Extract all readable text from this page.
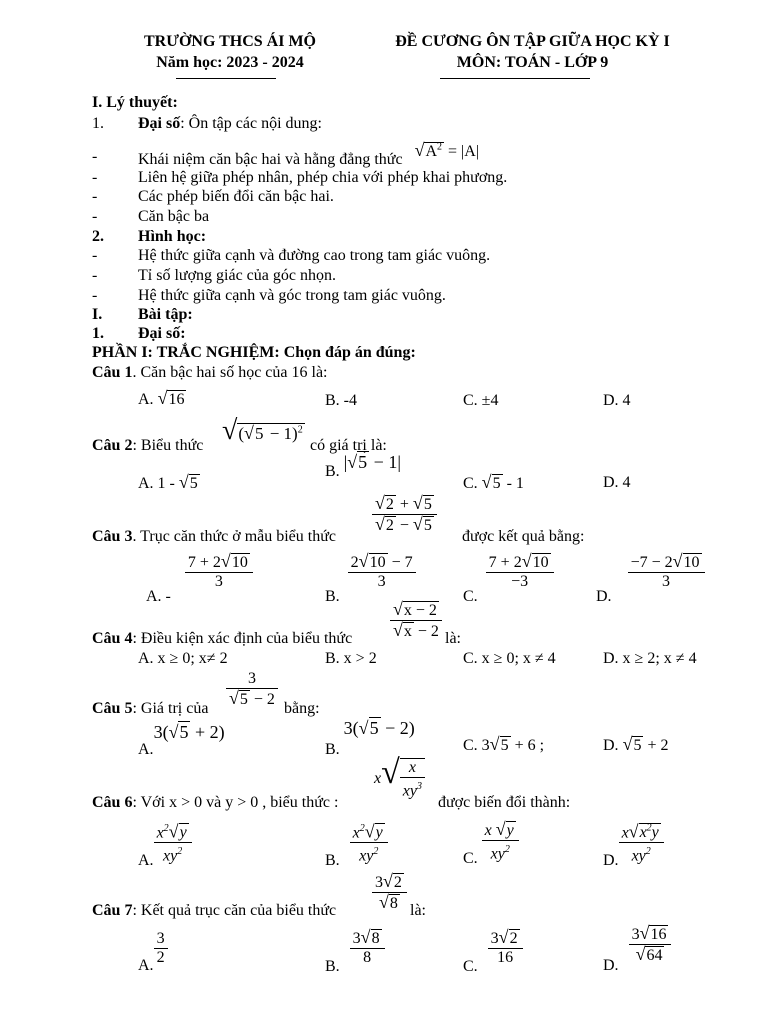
TRƯỜNG THCS ÁI MỘ
Năm học: 2023 - 2024
ĐỀ CƯƠNG ÔN TẬP GIỮA HỌC KỲ I
MÔN: TOÁN - LỚP 9
I. Lý thuyết:
1. Đại số: Ôn tập các nội dung:
-	Khái niệm căn bậc hai và hằng đẳng thức $√A^2 = |A|$
-	Liên hệ giữa phép nhân, phép chia với phép khai phương.
-	Các phép biến đổi căn bậc hai.
-	Căn bậc ba
2. Hình học:
-	Hệ thức giữa cạnh và đường cao trong tam giác vuông.
-	Tỉ số lượng giác của góc nhọn.
-	Hệ thức giữa cạnh và góc trong tam giác vuông.
I. Bài tập:
1. Đại số:
PHẦN I: TRẮC NGHIỆM: Chọn đáp án đúng:
Câu 1. Căn bậc hai số học của 16 là:
A. √16	B. -4	C. ±4	D. 4
Câu 2: Biểu thức $√(√5 - 1)^2$
có giá trị là:
A. 1 - √5
B. |√5 − 1|
C. √5 - 1	D. 4
Câu 3. Trục căn thức ở mẫu biểu thức
$\frac{√2 + √5}{√2 - √5}$
được kết quả bằng:
A. -
$\frac{7 + 2√10}{3}$
B.
$\frac{2√10 - 7}{3}$
C.
$\frac{7 + 2√10}{-3}$
D.
$\frac{-7 - 2√10}{3}$
Câu 4: Điều kiện xác định của biểu thức $\frac{√x - 2}{√x - 2}$ là:
A. x ≥ 0; x≠ 2	B. x > 2	C. x ≥ 0; x ≠ 4	D. x ≥ 2; x ≠ 4
Câu 5: Giá trị của $\frac{3}{√5 - 2}$ bằng:
A.3(√5 + 2)
B. 3(√5 − 2)
C. 3√5 + 6 ;	D. √5 + 2
Câu 6: Với x > 0 và y > 0 , biểu thức :
$x√ \frac{x}{xy^3}$
được biến đổi thành:
A. $\frac{x^2√y}{xy^2}$	B. $\frac{x^2√y}{xy^2}$	C. $\frac{x √y}{xy^2}$	D. $\frac{x√x^2y}{xy^2}$
Câu 7: Kết quả trục căn của biểu thức $\frac{3√2}{√8}$ là:
A. $\frac{3}{2}$	B. $\frac{3√8}{8}$	C. $\frac{3√2}{16}$	D.
$\frac{3√16}{√64}$
